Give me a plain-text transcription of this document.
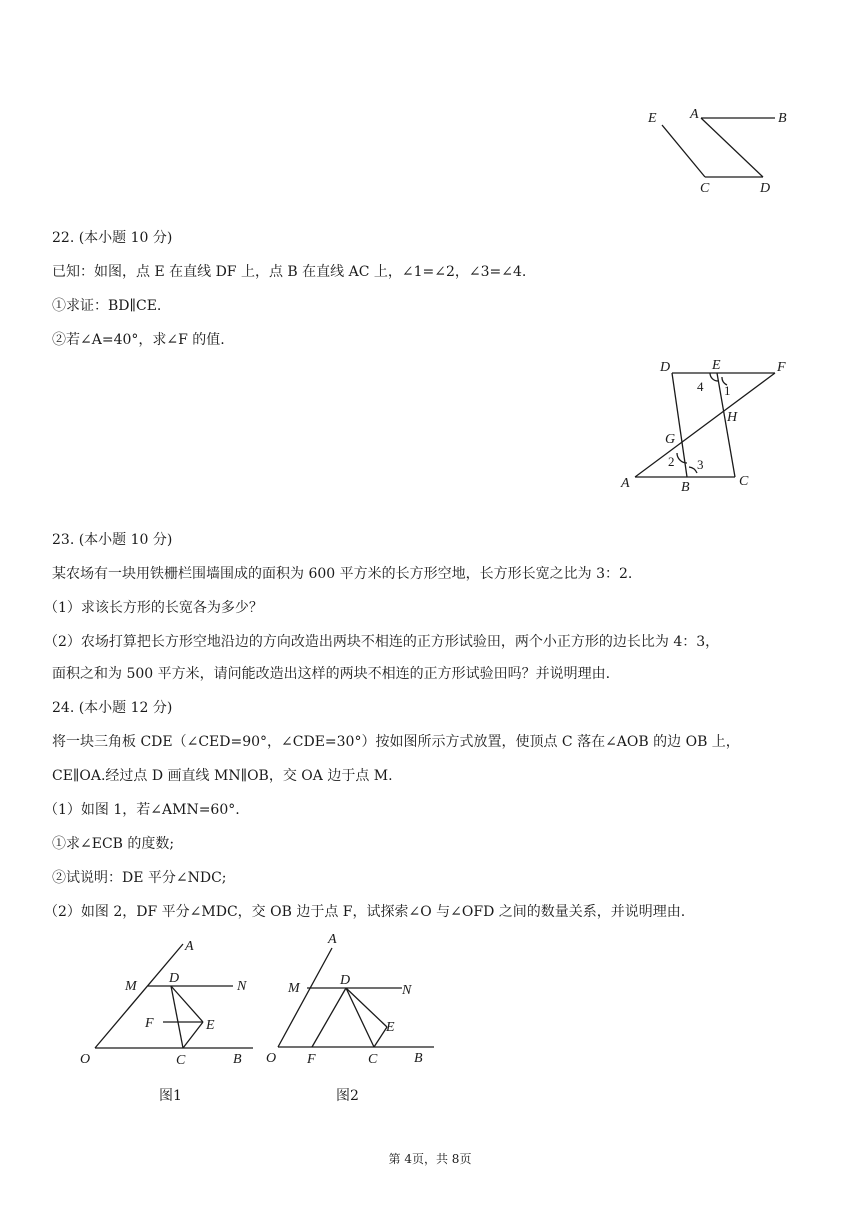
E A	B
C	D
22. (本小题 10 分)
已知：如图，点 E 在直线 DF 上，点 B 在直线 AC 上，∠1=∠2，∠3=∠4.
①求证：BD∥CE.
②若∠A=40°，求∠F 的值.
D	E	F
H
G
A	B	C
1
2 3
4
23. (本小题 10 分)
某农场有一块用铁栅栏围墙围成的面积为 600 平方米的长方形空地，长方形长宽之比为 3：2.
（1）求该长方形的长宽各为多少？
（2）农场打算把长方形空地沿边的方向改造出两块不相连的正方形试验田，两个小正方形的边长比为 4：3，
面积之和为 500 平方米，请问能改造出这样的两块不相连的正方形试验田吗？并说明理由.
24. (本小题 12 分)
将一块三角板 CDE（∠CED=90°，∠CDE=30°）按如图所示方式放置，使顶点 C 落在∠AOB 的边 OB 上，
CE∥OA.经过点 D 画直线 MN∥OB，交 OA 边于点 M.
（1）如图 1，若∠AMN=60°.
①求∠ECB 的度数;
②试说明：DE 平分∠NDC;
（2）如图 2，DF 平分∠MDC，交 OB 边于点 F，试探索∠O 与∠OFD 之间的数量关系，并说明理由.
A
M
D
N
F	E
O	C	B
图1
A
M
D
N
E
O F	C	B
图2
第 4页，共 8页
